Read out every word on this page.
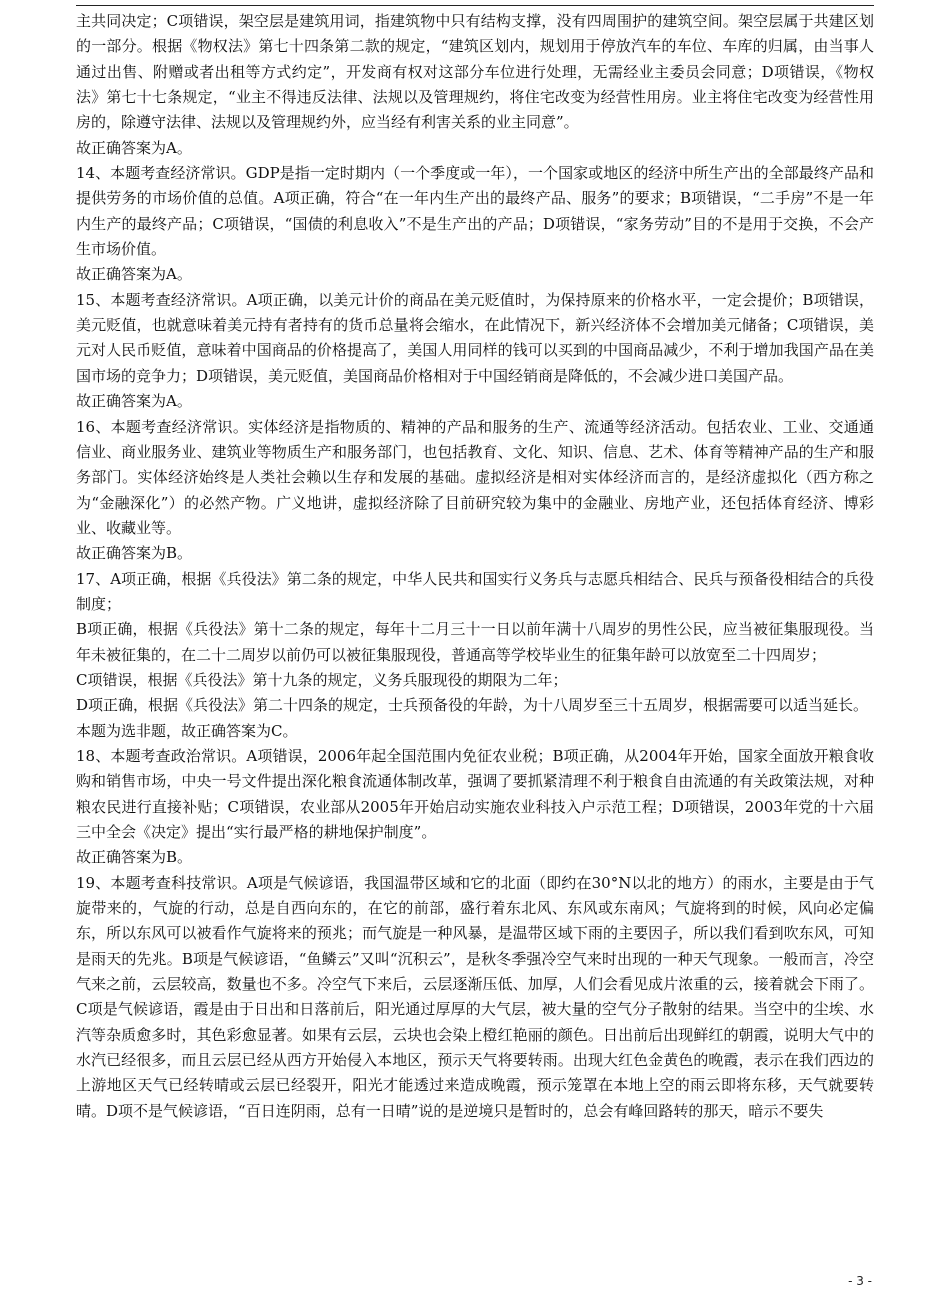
主共同决定；C项错误，架空层是建筑用词，指建筑物中只有结构支撑，没有四周围护的建筑空间。架空层属于共建区划的一部分。根据《物权法》第七十四条第二款的规定，“建筑区划内，规划用于停放汽车的车位、车库的归属，由当事人通过出售、附赠或者出租等方式约定”，开发商有权对这部分车位进行处理，无需经业主委员会同意；D项错误，《物权法》第七十七条规定，“业主不得违反法律、法规以及管理规约，将住宅改变为经营性用房。业主将住宅改变为经营性用房的，除遵守法律、法规以及管理规约外，应当经有利害关系的业主同意”。

故正确答案为A。

14、本题考查经济常识。GDP是指一定时期内（一个季度或一年），一个国家或地区的经济中所生产出的全部最终产品和提供劳务的市场价值的总值。A项正确，符合“在一年内生产出的最终产品、服务”的要求；B项错误，“二手房”不是一年内生产的最终产品；C项错误，“国债的利息收入”不是生产出的产品；D项错误，“家务劳动”目的不是用于交换，不会产生市场价值。

故正确答案为A。

15、本题考查经济常识。A项正确，以美元计价的商品在美元贬值时，为保持原来的价格水平，一定会提价；B项错误，美元贬值，也就意味着美元持有者持有的货币总量将会缩水，在此情况下，新兴经济体不会增加美元储备；C项错误，美元对人民币贬值，意味着中国商品的价格提高了，美国人用同样的钱可以买到的中国商品减少，不利于增加我国产品在美国市场的竞争力；D项错误，美元贬值，美国商品价格相对于中国经销商是降低的，不会减少进口美国产品。

故正确答案为A。

16、本题考查经济常识。实体经济是指物质的、精神的产品和服务的生产、流通等经济活动。包括农业、工业、交通通信业、商业服务业、建筑业等物质生产和服务部门，也包括教育、文化、知识、信息、艺术、体育等精神产品的生产和服务部门。实体经济始终是人类社会赖以生存和发展的基础。虚拟经济是相对实体经济而言的，是经济虚拟化（西方称之为“金融深化”）的必然产物。广义地讲，虚拟经济除了目前研究较为集中的金融业、房地产业，还包括体育经济、博彩业、收藏业等。

故正确答案为B。

17、A项正确，根据《兵役法》第二条的规定，中华人民共和国实行义务兵与志愿兵相结合、民兵与预备役相结合的兵役制度；

B项正确，根据《兵役法》第十二条的规定，每年十二月三十一日以前年满十八周岁的男性公民，应当被征集服现役。当年未被征集的，在二十二周岁以前仍可以被征集服现役，普通高等学校毕业生的征集年龄可以放宽至二十四周岁；

C项错误，根据《兵役法》第十九条的规定，义务兵服现役的期限为二年；

D项正确，根据《兵役法》第二十四条的规定，士兵预备役的年龄，为十八周岁至三十五周岁，根据需要可以适当延长。

本题为选非题，故正确答案为C。

18、本题考查政治常识。A项错误，2006年起全国范围内免征农业税；B项正确，从2004年开始，国家全面放开粮食收购和销售市场，中央一号文件提出深化粮食流通体制改革，强调了要抓紧清理不利于粮食自由流通的有关政策法规，对种粮农民进行直接补贴；C项错误，农业部从2005年开始启动实施农业科技入户示范工程；D项错误，2003年党的十六届三中全会《决定》提出“实行最严格的耕地保护制度”。

故正确答案为B。

19、本题考查科技常识。A项是气候谚语，我国温带区域和它的北面（即约在30°N以北的地方）的雨水，主要是由于气旋带来的，气旋的行动，总是自西向东的，在它的前部，盛行着东北风、东风或东南风；气旋将到的时候，风向必定偏东，所以东风可以被看作气旋将来的预兆；而气旋是一种风暴，是温带区域下雨的主要因子，所以我们看到吹东风，可知是雨天的先兆。B项是气候谚语，“鱼鳞云”又叫“沉积云”，是秋冬季强冷空气来时出现的一种天气现象。一般而言，冷空气来之前，云层较高，数量也不多。冷空气下来后，云层逐渐压低、加厚，人们会看见成片浓重的云，接着就会下雨了。C项是气候谚语，霞是由于日出和日落前后，阳光通过厚厚的大气层，被大量的空气分子散射的结果。当空中的尘埃、水汽等杂质愈多时，其色彩愈显著。如果有云层，云块也会染上橙红艳丽的颜色。日出前后出现鲜红的朝霞，说明大气中的水汽已经很多，而且云层已经从西方开始侵入本地区，预示天气将要转雨。出现大红色金黄色的晚霞，表示在我们西边的上游地区天气已经转晴或云层已经裂开，阳光才能透过来造成晚霞，预示笼罩在本地上空的雨云即将东移，天气就要转晴。D项不是气候谚语，“百日连阴雨，总有一日晴”说的是逆境只是暂时的，总会有峰回路转的那天，暗示不要失

- 3 -
